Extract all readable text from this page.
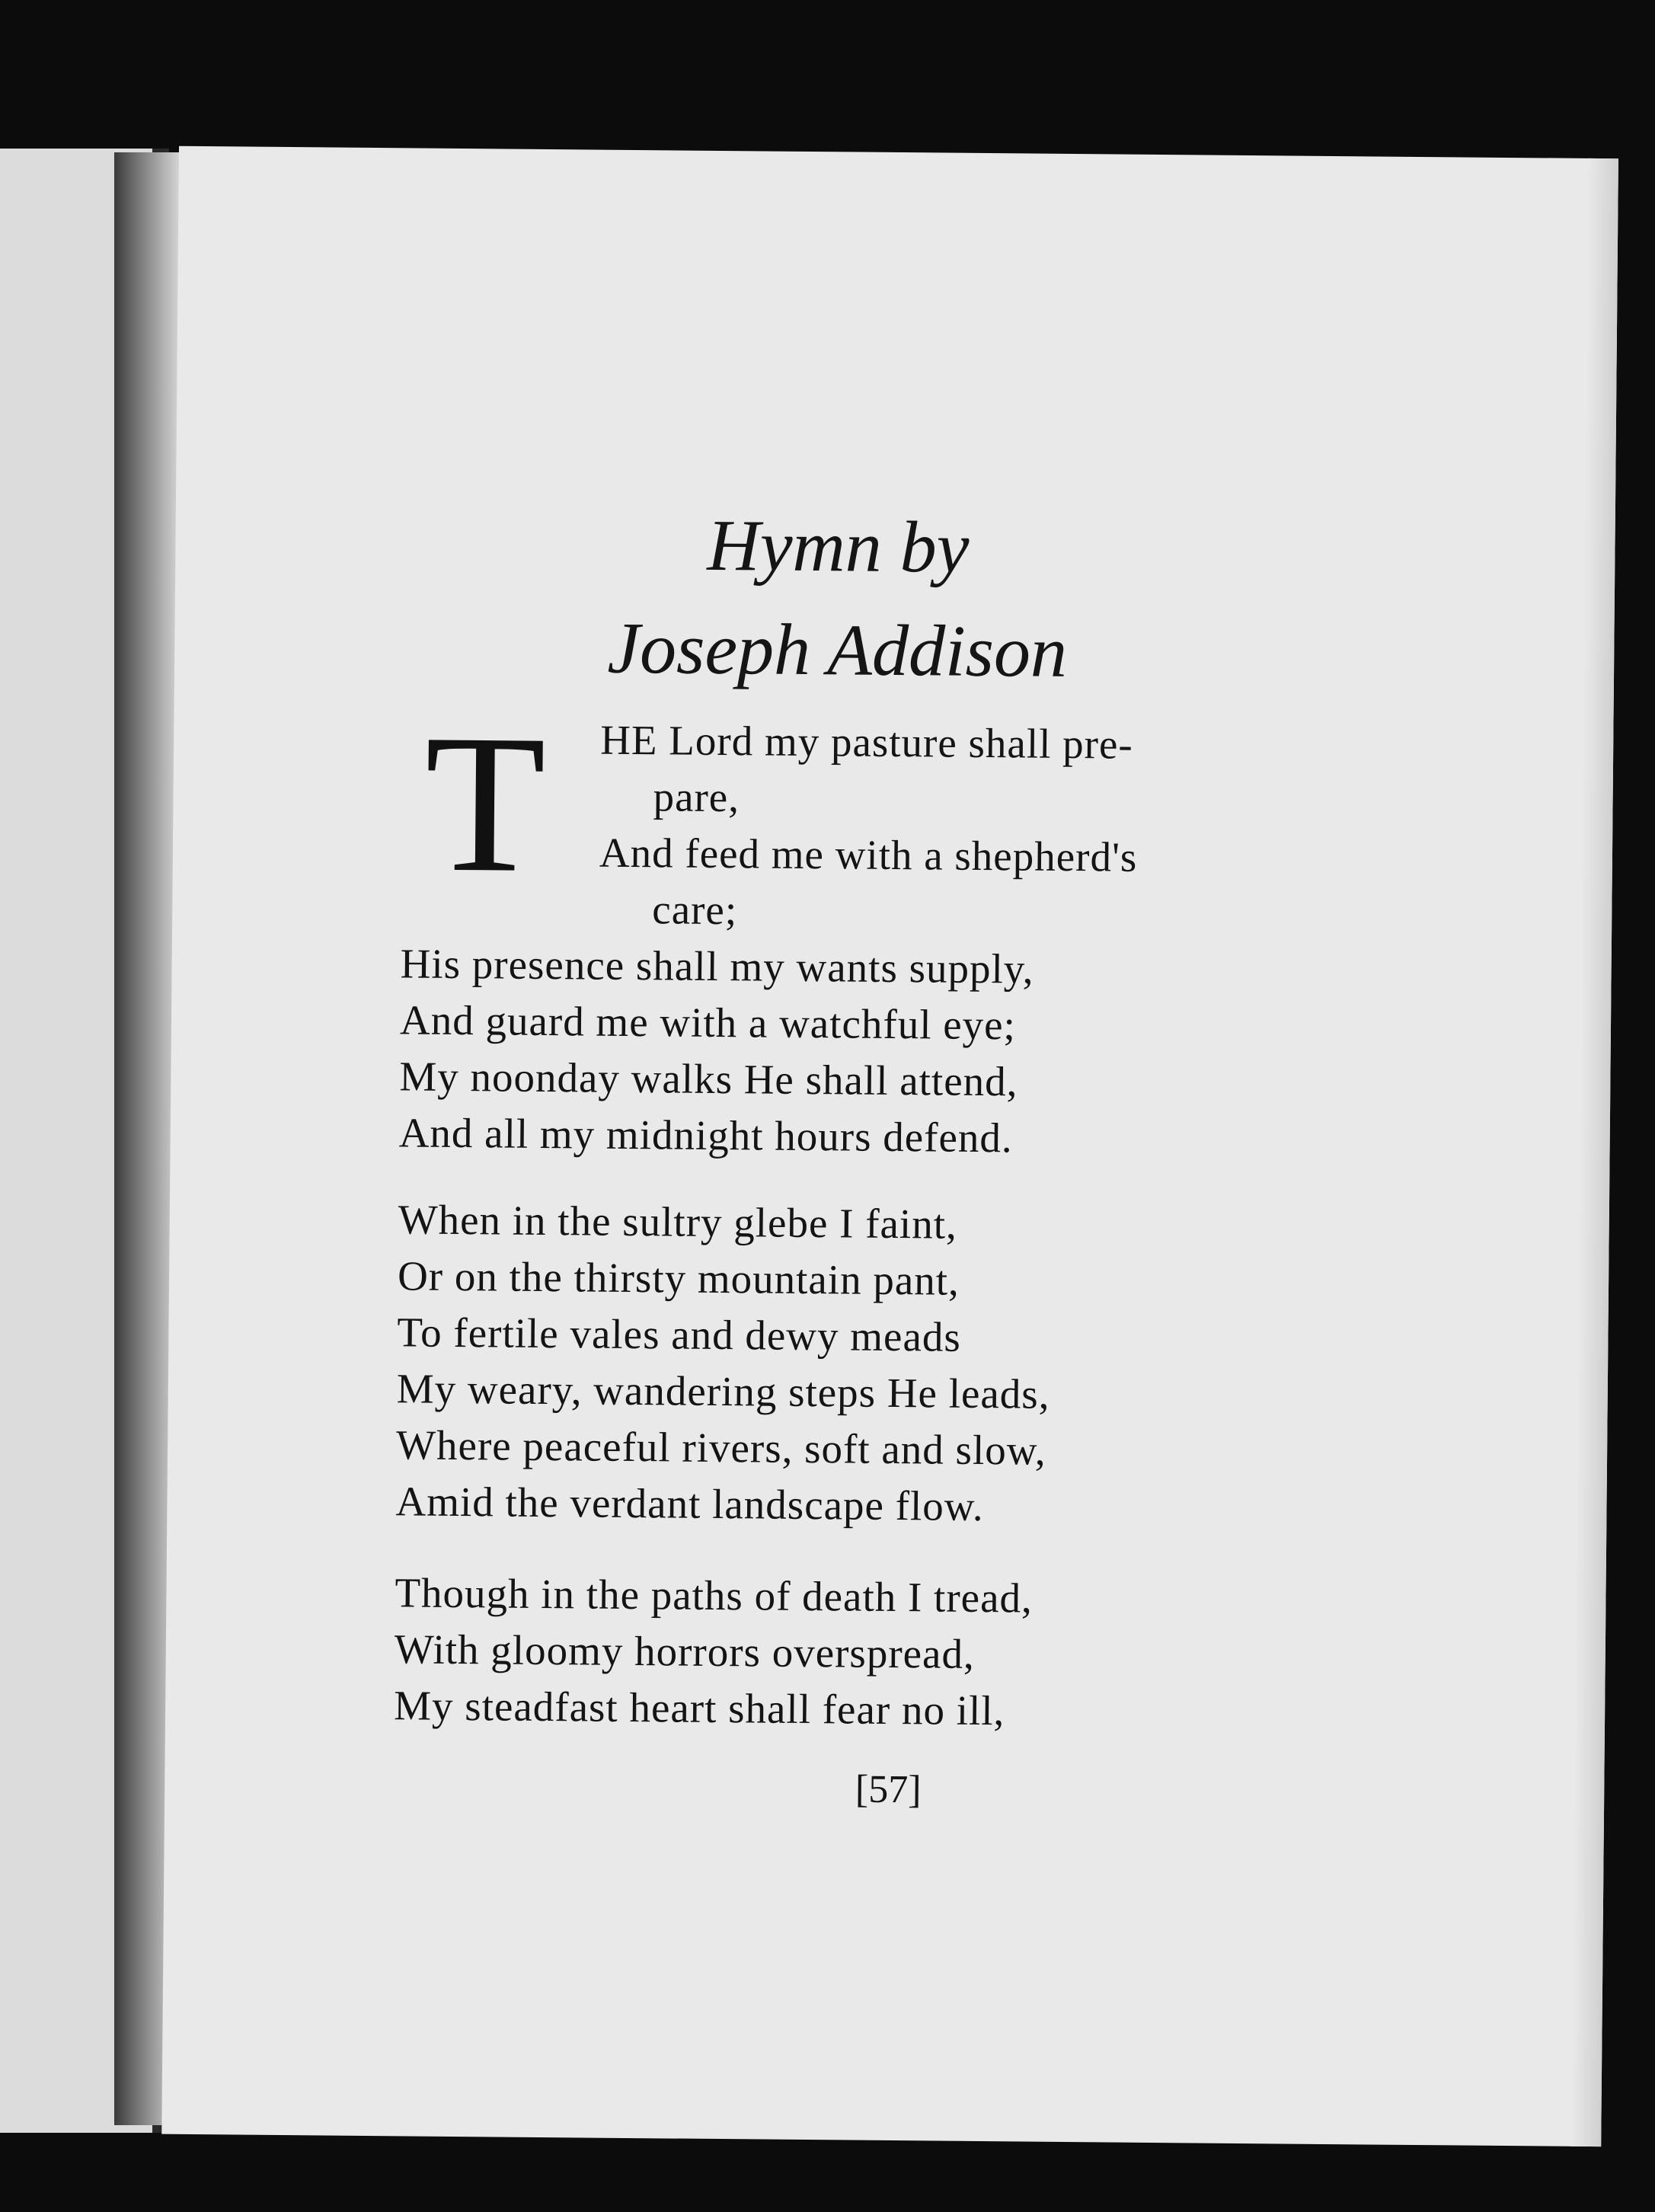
Hymn by
Joseph Addison
T	HE Lord my pasture shall pre-
pare,
And feed me with a shepherd's
care;
His presence shall my wants supply,
And guard me with a watchful eye;
My noonday walks He shall attend,
And all my midnight hours defend.
When in the sultry glebe I faint,
Or on the thirsty mountain pant,
To fertile vales and dewy meads
My weary, wandering steps He leads,
Where peaceful rivers, soft and slow,
Amid the verdant landscape flow.
Though in the paths of death I tread,
With gloomy horrors overspread,
My steadfast heart shall fear no ill,
[57]
